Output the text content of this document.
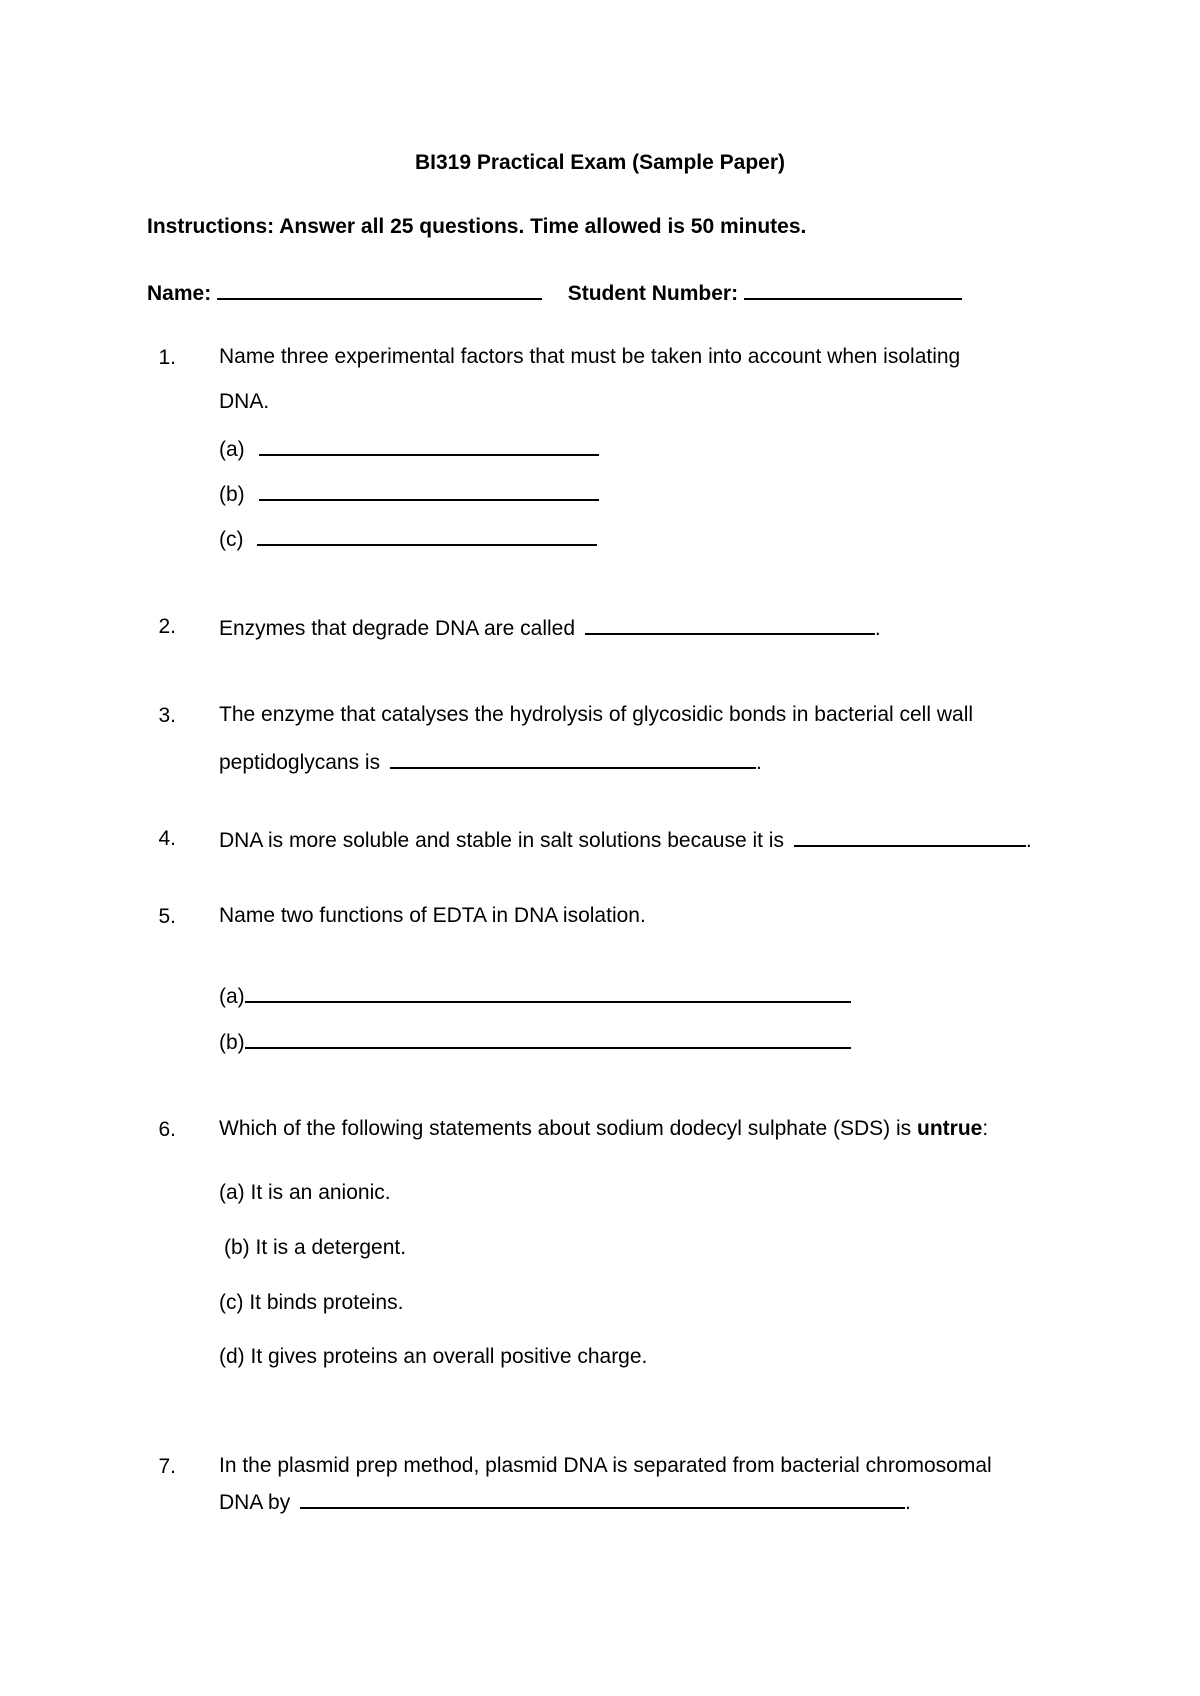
BI319 Practical Exam (Sample Paper)
Instructions: Answer all 25 questions. Time allowed is 50 minutes.
Name:	Student Number:
1. Name three experimental factors that must be taken into account when isolating
DNA.
(a)
(b)
(c)
2. Enzymes that degrade DNA are called	.
3. The enzyme that catalyses the hydrolysis of glycosidic bonds in bacterial cell wall
peptidoglycans is	.
4. DNA is more soluble and stable in salt solutions because it is	.
5. Name two functions of EDTA in DNA isolation.
(a)
(b)
6. Which of the following statements about sodium dodecyl sulphate (SDS) is untrue:
(a) It is an anionic.
(b) It is a detergent.
(c) It binds proteins.
(d) It gives proteins an overall positive charge.
7. In the plasmid prep method, plasmid DNA is separated from bacterial chromosomal
DNA by	.
